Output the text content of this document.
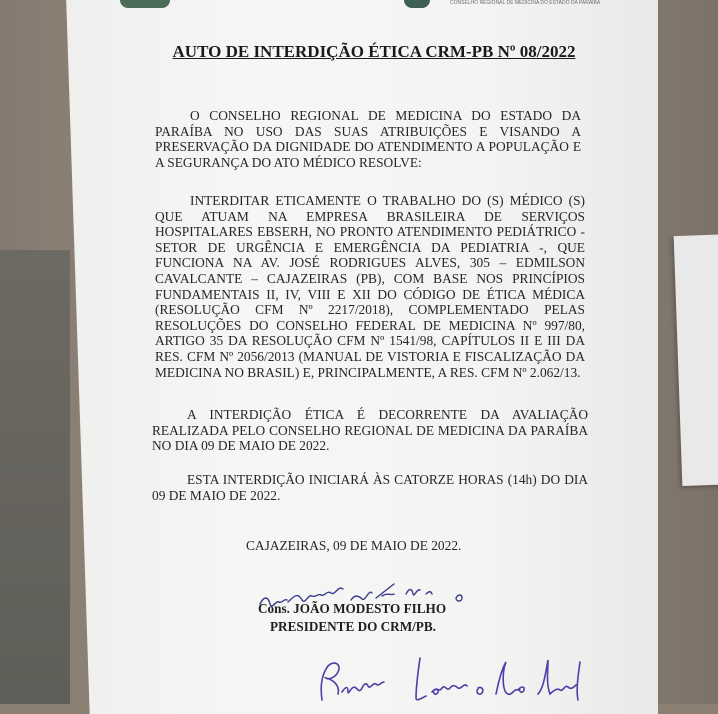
CONSELHO REGIONAL DE MEDICINA DO ESTADO DA PARAÍBA
AUTO DE INTERDIÇÃO ÉTICA CRM-PB Nº 08/2022

O CONSELHO REGIONAL DE MEDICINA DO ESTADO DA PARAÍBA NO USO DAS SUAS ATRIBUIÇÕES E VISANDO A PRESERVAÇÃO DA DIGNIDADE DO ATENDIMENTO A POPULAÇÃO E A SEGURANÇA DO ATO MÉDICO RESOLVE:

INTERDITAR ETICAMENTE O TRABALHO DO (S) MÉDICO (S) QUE ATUAM NA EMPRESA BRASILEIRA DE SERVIÇOS HOSPITALARES EBSERH, NO PRONTO ATENDIMENTO PEDIÁTRICO - SETOR DE URGÊNCIA E EMERGÊNCIA DA PEDIATRIA -, QUE FUNCIONA NA AV. JOSÉ RODRIGUES ALVES, 305 – EDMILSON CAVALCANTE – CAJAZEIRAS (PB), COM BASE NOS PRINCÍPIOS FUNDAMENTAIS II, IV, VIII E XII DO CÓDIGO DE ÉTICA MÉDICA (RESOLUÇÃO CFM Nº 2217/2018), COMPLEMENTADO PELAS RESOLUÇÕES DO CONSELHO FEDERAL DE MEDICINA Nº 997/80, ARTIGO 35 DA RESOLUÇÃO CFM Nº 1541/98, CAPÍTULOS II E III DA RES. CFM Nº 2056/2013 (MANUAL DE VISTORIA E FISCALIZAÇÃO DA MEDICINA NO BRASIL) E, PRINCIPALMENTE, A RES. CFM Nº 2.062/13.

A INTERDIÇÃO ÉTICA É DECORRENTE DA AVALIAÇÃO REALIZADA PELO CONSELHO REGIONAL DE MEDICINA DA PARAÍBA NO DIA 09 DE MAIO DE 2022.

ESTA INTERDIÇÃO INICIARÁ ÀS CATORZE HORAS (14h) DO DIA 09 DE MAIO DE 2022.

CAJAZEIRAS, 09 DE MAIO DE 2022.
Cons. JOÃO MODESTO FILHO
PRESIDENTE DO CRM/PB.
